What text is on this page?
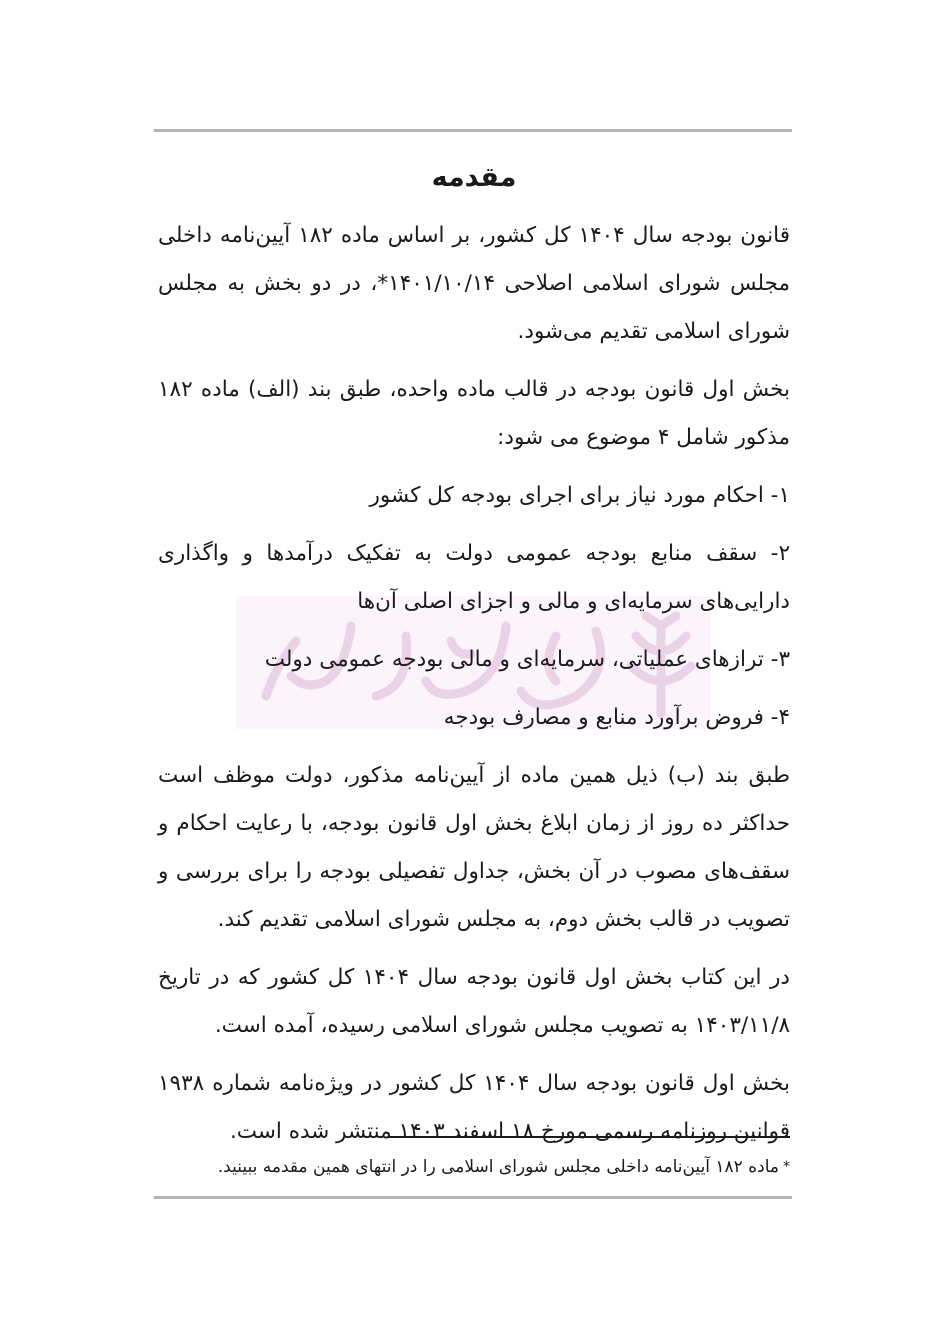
مقدمه

قانون بودجه سال ۱۴۰۴ کل کشور، بر اساس ماده ۱۸۲ آیین‌نامه داخلی مجلس شورای اسلامی اصلاحی ۱۴۰۱/۱۰/۱۴*، در دو بخش به مجلس شورای اسلامی تقدیم می‌شود.

بخش اول قانون بودجه در قالب ماده واحده، طبق بند (الف) ماده ۱۸۲ مذکور شامل ۴ موضوع می شود:

۱- احکام مورد نیاز برای اجرای بودجه کل کشور

۲- سقف منابع بودجه عمومی دولت به تفکیک درآمدها و واگذاری دارایی‌های سرمایه‌ای و مالی و اجزای اصلی آن‌ها

۳- ترازهای عملیاتی، سرمایه‌ای و مالی بودجه عمومی دولت

۴- فروض برآورد منابع و مصارف بودجه

طبق بند (ب) ذیل همین ماده از آیین‌نامه مذکور، دولت موظف است حداکثر ده روز از زمان ابلاغ بخش اول قانون بودجه، با رعایت احکام و سقف‌های مصوب در آن بخش، جداول تفصیلی بودجه را برای بررسی و تصویب در قالب بخش دوم، به مجلس شورای اسلامی تقدیم کند.

در این کتاب بخش اول قانون بودجه سال ۱۴۰۴ کل کشور که در تاریخ ۱۴۰۳/۱۱/۸ به تصویب مجلس شورای اسلامی رسیده، آمده است.

بخش اول قانون بودجه سال ۱۴۰۴ کل کشور در ویژه‌نامه شماره ۱۹۳۸ قوانین روزنامه رسمی مورخ ۱۸ اسفند ۱۴۰۳ منتشر شده است.

*ماده ۱۸۲ آیین‌نامه داخلی مجلس شورای اسلامی را در انتهای همین مقدمه ببینید.
